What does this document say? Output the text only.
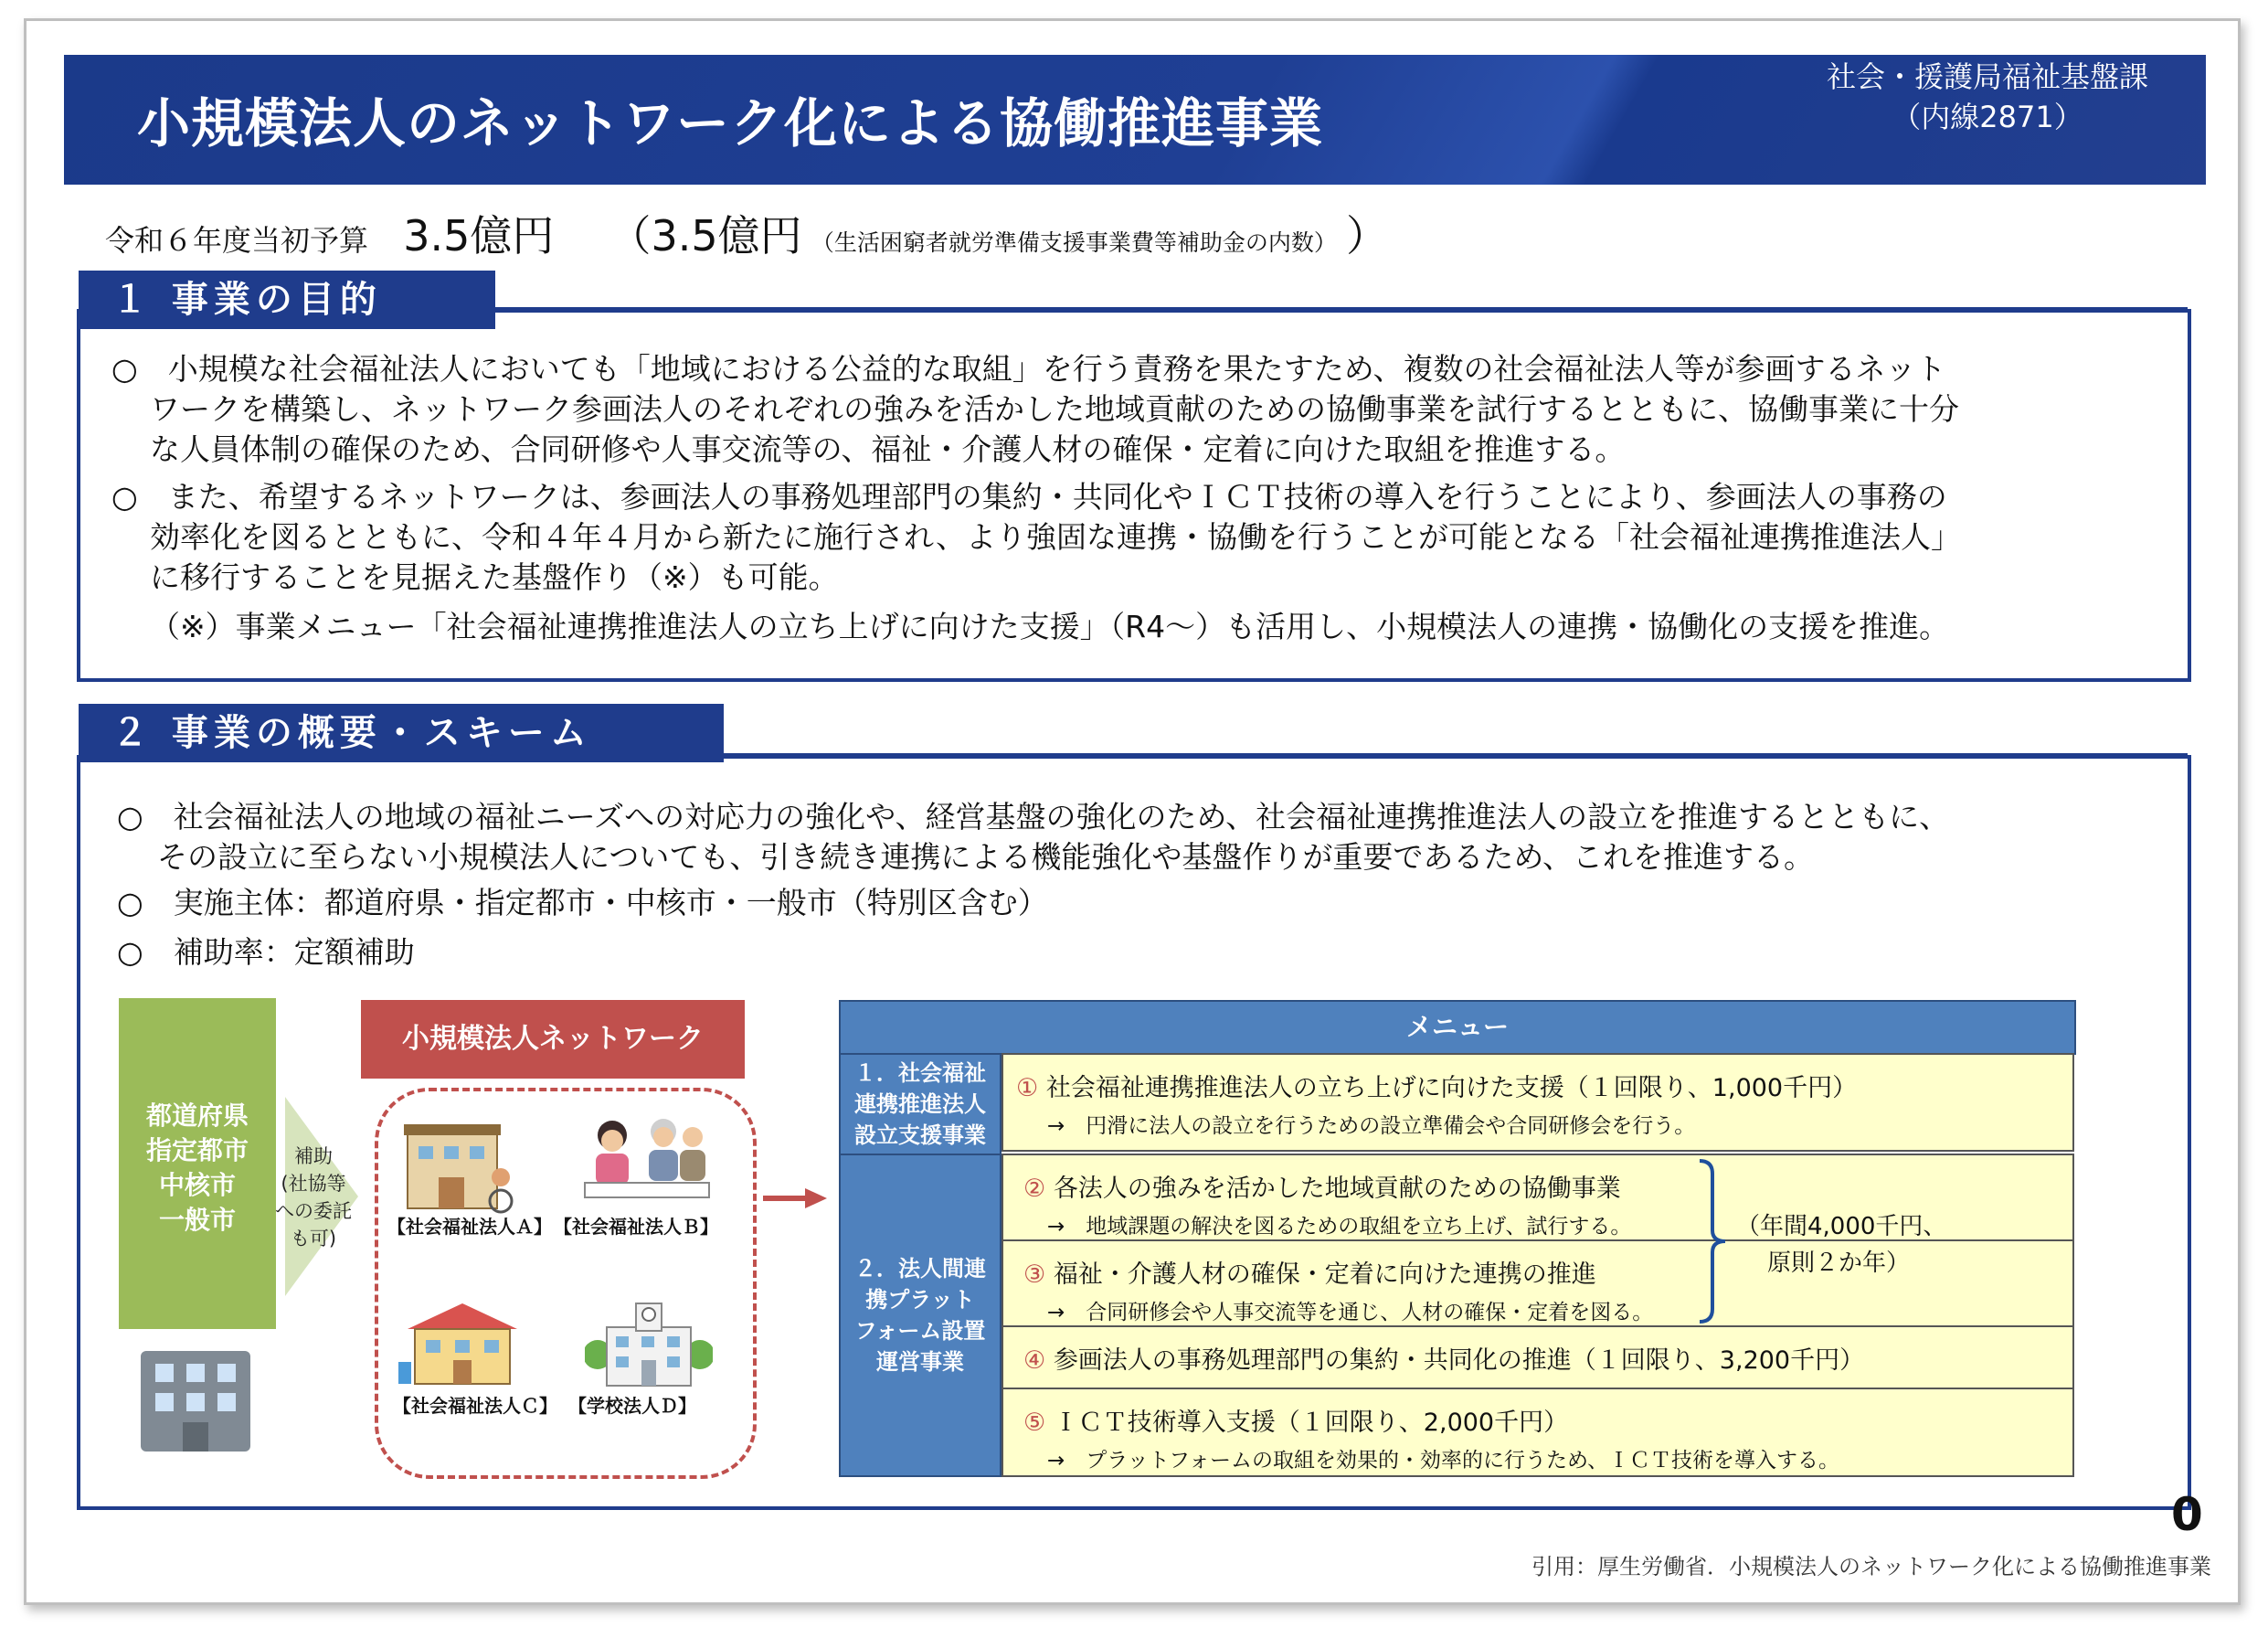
小規模法人のネットワーク化による協働推進事業
社会・援護局福祉基盤課
（内線2871）
令和６年度当初予算 3.5億円 （3.5億円 （生活困窮者就労準備支援事業費等補助金の内数） ）
１ 事業の目的
○　小規模な社会福祉法人においても「地域における公益的な取組」を行う責務を果たすため、複数の社会福祉法人等が参画するネット
ワークを構築し、ネットワーク参画法人のそれぞれの強みを活かした地域貢献のための協働事業を試行するとともに、協働事業に十分
な人員体制の確保のため、合同研修や人事交流等の、福祉・介護人材の確保・定着に向けた取組を推進する。
○　また、希望するネットワークは、参画法人の事務処理部門の集約・共同化やＩＣＴ技術の導入を行うことにより、参画法人の事務の
効率化を図るとともに、令和４年４月から新たに施行され、より強固な連携・協働を行うことが可能となる「社会福祉連携推進法人」
に移行することを見据えた基盤作り（※）も可能。
（※）事業メニュー「社会福祉連携推進法人の立ち上げに向けた支援」（R4～）も活用し、小規模法人の連携・協働化の支援を推進。
２ 事業の概要・スキーム
○　社会福祉法人の地域の福祉ニーズへの対応力の強化や、経営基盤の強化のため、社会福祉連携推進法人の設立を推進するとともに、
その設立に至らない小規模法人についても、引き続き連携による機能強化や基盤作りが重要であるため、これを推進する。
○　実施主体：都道府県・指定都市・中核市・一般市（特別区含む）
○　補助率：定額補助
都道府県
指定都市
中核市
一般市
補助
(社協等
への委託
も可)
小規模法人ネットワーク
【社会福祉法人Ａ】 【社会福祉法人Ｂ】
【社会福祉法人Ｃ】 【学校法人Ｄ】
メニュー
１．社会福祉
連携推進法人
設立支援事業
２．法人間連
携プラット
フォーム設置
運営事業
① 社会福祉連携推進法人の立ち上げに向けた支援（１回限り、1,000千円）
→　円滑に法人の設立を行うための設立準備会や合同研修会を行う。
② 各法人の強みを活かした地域貢献のための協働事業
→　地域課題の解決を図るための取組を立ち上げ、試行する。
③ 福祉・介護人材の確保・定着に向けた連携の推進
→　合同研修会や人事交流等を通じ、人材の確保・定着を図る。
④ 参画法人の事務処理部門の集約・共同化の推進（１回限り、3,200千円）
⑤ ＩＣＴ技術導入支援（１回限り、2,000千円）
→　プラットフォームの取組を効果的・効率的に行うため、ＩＣＴ技術を導入する。
（年間4,000千円、
原則２か年）
0
引用：厚生労働省．小規模法人のネットワーク化による協働推進事業
